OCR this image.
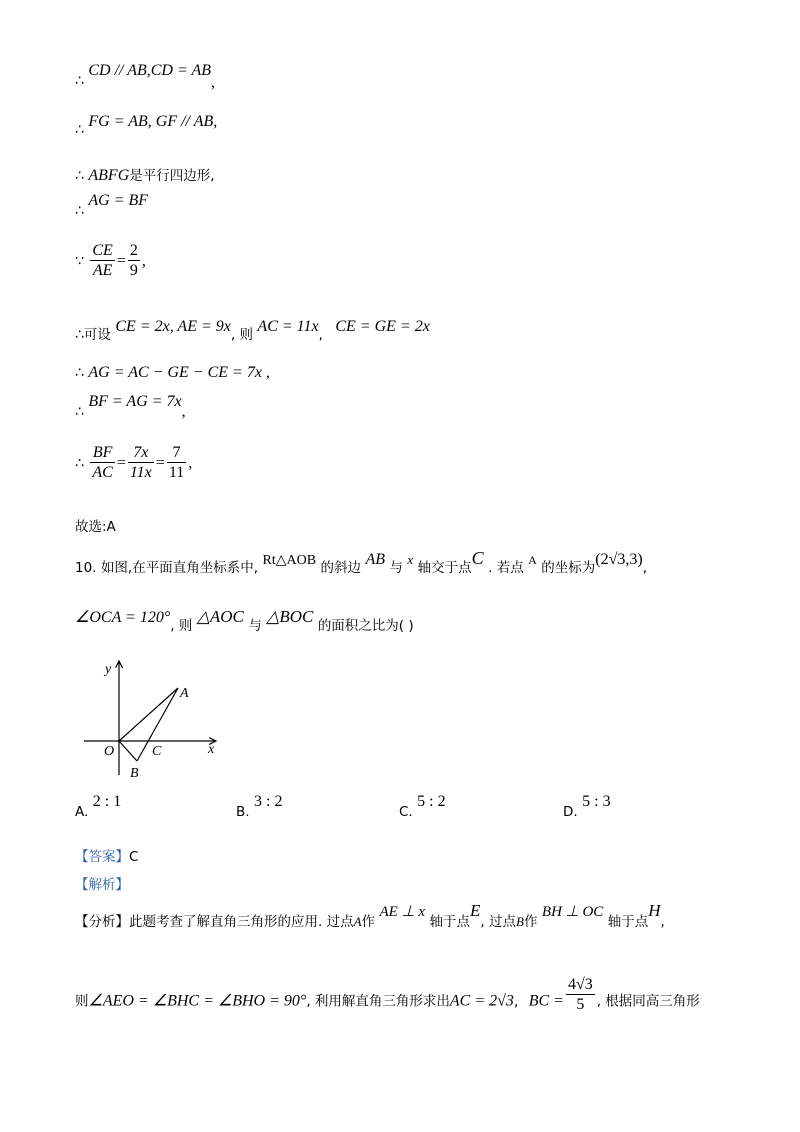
∴ CD // AB,CD = AB,
∴ FG = AB, GF // AB,
∴ ABFG是平行四边形,
∴ AG = BF
∵ $\frac{CE}{AE} = \frac{2}{9}$ ,
∴可设 CE = 2x, AE = 9x, 则 AC = 11x, CE = GE = 2x
∴ AG = AC − GE − CE = 7x ,
∴ BF = AG = 7x,
∴ $\frac{BF}{AC} = \frac{7x}{11x} = \frac{7}{11}$ ,
故选:A
10. 如图,在平面直角坐标系中, Rt△AOB 的斜边 AB 与 x 轴交于点C . 若点 A 的坐标为(2√3,3),
∠OCA = 120°, 则 △AOC 与 △BOC 的面积之比为( )
y
x
O
A
C
B
A. 2 : 1
B. 3 : 2
C. 5 : 2
D. 5 : 3
【答案】C
【解析】
【分析】此题考查了解直角三角形的应用. 过点A作 AE ⊥ x 轴于点E, 过点B作 BH ⊥ OC 轴于点H,
则∠AEO = ∠BHC = ∠BHO = 90°, 利用解直角三角形求出AC = 2√3, BC = $\frac{4√3}{5}$ , 根据同高三角形
